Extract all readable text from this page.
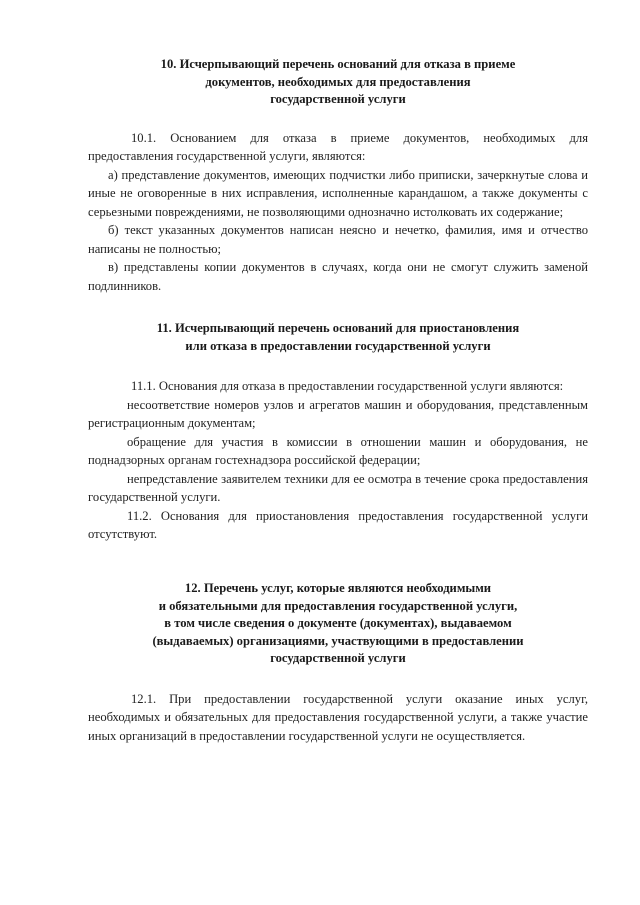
10. Исчерпывающий перечень оснований для отказа в приеме
документов, необходимых для предоставления
государственной услуги

10.1. Основанием для отказа в приеме документов, необходимых для предоставления государственной услуги, являются:

а) представление документов, имеющих подчистки либо приписки, зачеркнутые слова и иные не оговоренные в них исправления, исполненные карандашом, а также документы с серьезными повреждениями, не позволяющими однозначно истолковать их содержание;

б) текст указанных документов написан неясно и нечетко, фамилия, имя и отчество написаны не полностью;

в) представлены копии документов в случаях, когда они не смогут служить заменой подлинников.

11. Исчерпывающий перечень оснований для приостановления
или отказа в предоставлении государственной услуги

11.1. Основания для отказа в предоставлении государственной услуги являются:

несоответствие номеров узлов и агрегатов машин и оборудования, представленным регистрационным документам;

обращение для участия в комиссии в отношении машин и оборудования, не поднадзорных органам гостехнадзора российской федерации;

непредставление заявителем техники для ее осмотра в течение срока предоставления государственной услуги.

11.2. Основания для приостановления предоставления государственной услуги отсутствуют.

12. Перечень услуг, которые являются необходимыми
и обязательными для предоставления государственной услуги,
в том числе сведения о документе (документах), выдаваемом
(выдаваемых) организациями, участвующими в предоставлении
государственной услуги

12.1. При предоставлении государственной услуги оказание иных услуг, необходимых и обязательных для предоставления государственной услуги, а также участие иных организаций в предоставлении государственной услуги не осуществляется.
